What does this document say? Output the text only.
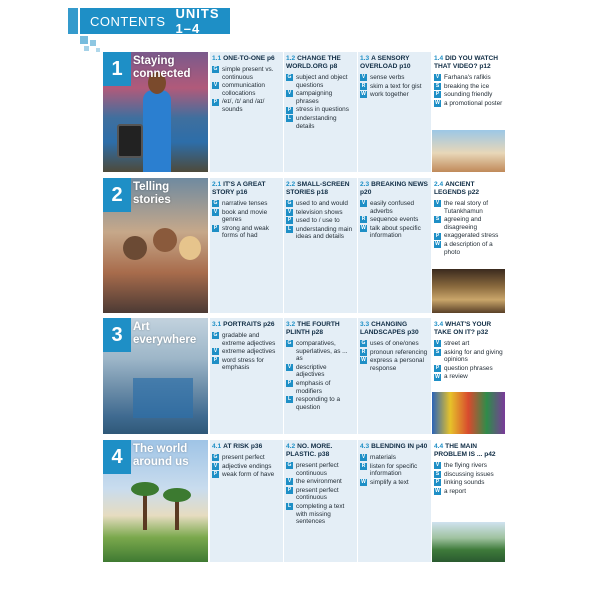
CONTENTS UNITS 1–4
1 Staying
connected
1.1 ONE-TO-ONE p6
G simple present vs. continuous
V communication collocations
P /eɪ/, /ɪ/ and /aɪ/ sounds
1.2 CHANGE THE WORLD.ORG p8
G subject and object questions
V campaigning phrases
P stress in questions
L understanding details
1.3 A SENSORY OVERLOAD p10
V sense verbs
R skim a text for gist
W work together
1.4 DID YOU WATCH THAT VIDEO? p12
V Farhana's rafikis
S breaking the ice
P sounding friendly
W a promotional poster
2 Telling
stories
2.1 IT'S A GREAT STORY p16
G narrative tenses
V book and movie genres
P strong and weak forms of had
2.2 SMALL-SCREEN STORIES p18
G used to and would
V television shows
P used to / use to
L understanding main ideas and details
2.3 BREAKING NEWS p20
V easily confused adverbs
R sequence events
W talk about specific information
2.4 ANCIENT LEGENDS p22
V the real story of Tutankhamun
S agreeing and disagreeing
P exaggerated stress
W a description of a photo
3 Art
everywhere
3.1 PORTRAITS p26
G gradable and extreme adjectives
V extreme adjectives
P word stress for emphasis
3.2 THE FOURTH PLINTH p28
G comparatives, superlatives, as ... as
V descriptive adjectives
P emphasis of modifiers
L responding to a question
3.3 CHANGING LANDSCAPES p30
G uses of one/ones
R pronoun referencing
W express a personal response
3.4 WHAT'S YOUR TAKE ON IT? p32
V street art
S asking for and giving opinions
P question phrases
W a review
4 The world
around us
4.1 AT RISK p36
G present perfect
V adjective endings
P weak form of have
4.2 NO. MORE. PLASTIC. p38
G present perfect continuous
V the environment
P present perfect continuous
L completing a text with missing sentences
4.3 BLENDING IN p40
V materials
R listen for specific information
W simplify a text
4.4 THE MAIN PROBLEM IS ... p42
V the flying rivers
S discussing issues
P linking sounds
W a report
